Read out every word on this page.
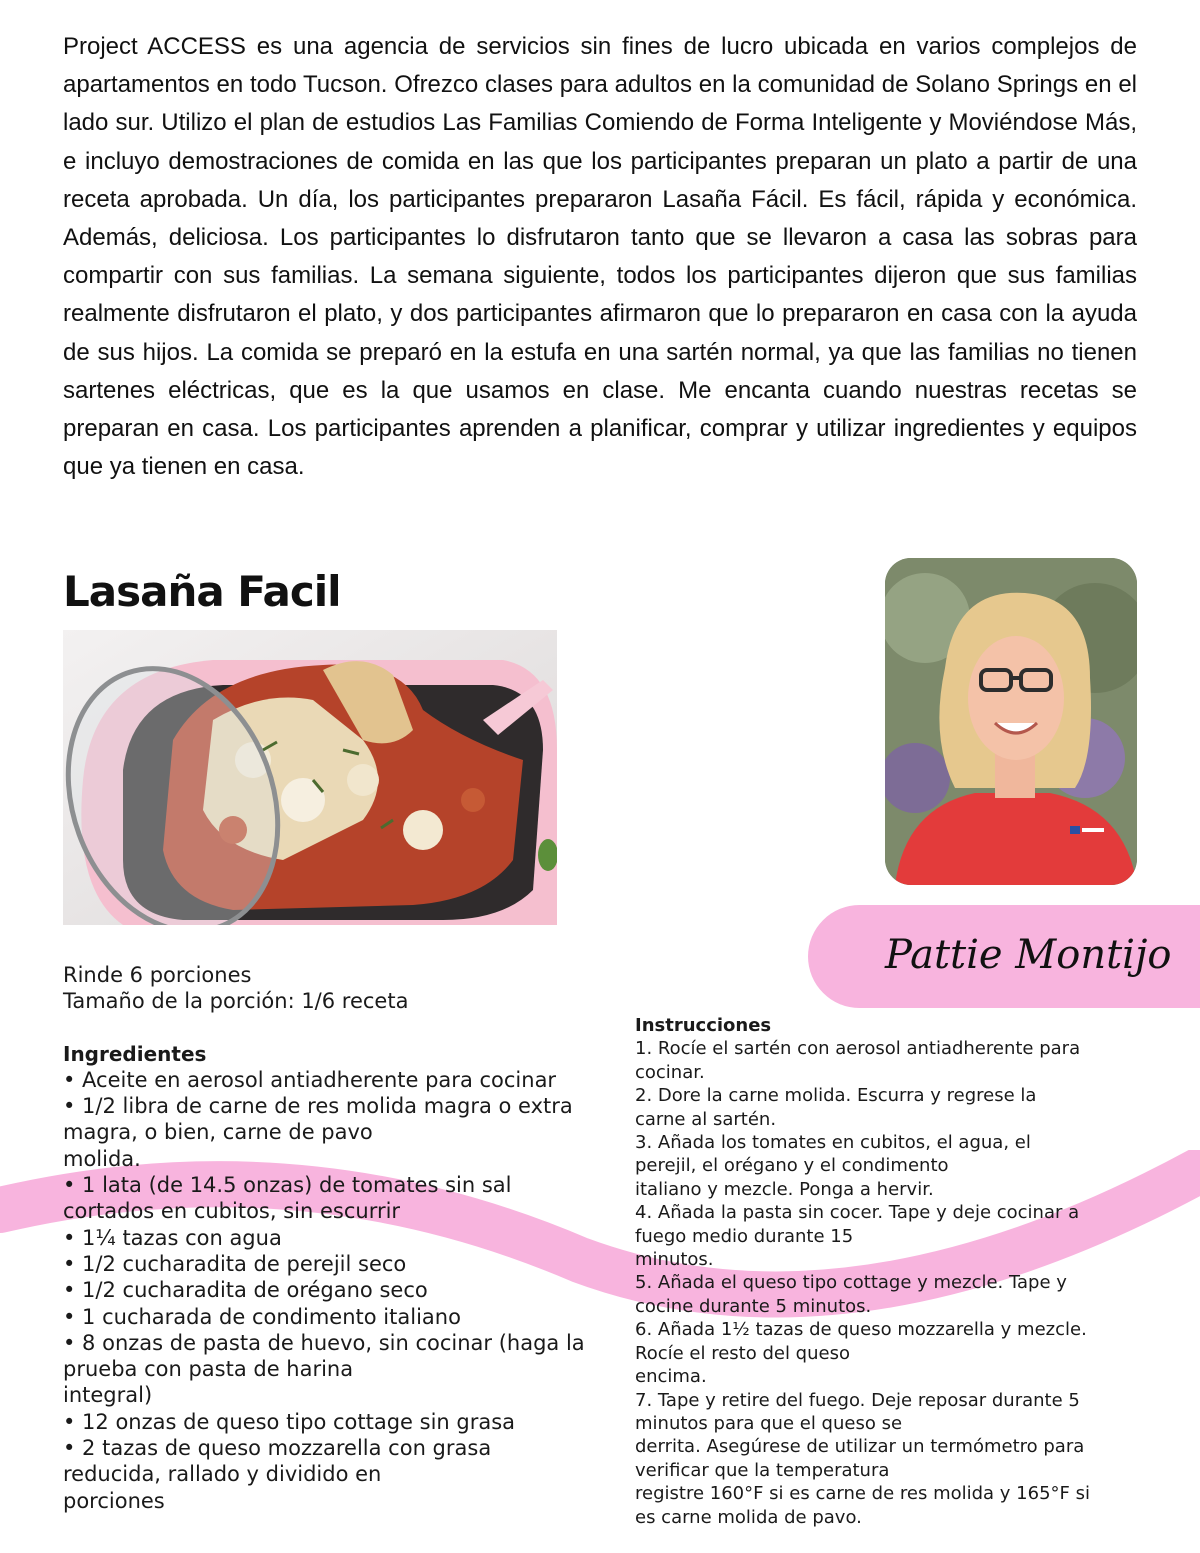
Project ACCESS es una agencia de servicios sin fines de lucro ubicada en varios complejos de apartamentos en todo Tucson. Ofrezco clases para adultos en la comunidad de Solano Springs en el lado sur. Utilizo el plan de estudios Las Familias Comiendo de Forma Inteligente y Moviéndose Más, e incluyo demostraciones de comida en las que los participantes preparan un plato a partir de una receta aprobada. Un día, los participantes prepararon Lasaña Fácil. Es fácil, rápida y económica. Además, deliciosa. Los participantes lo disfrutaron tanto que se llevaron a casa las sobras para compartir con sus familias. La semana siguiente, todos los participantes dijeron que sus familias realmente disfrutaron el plato, y dos participantes afirmaron que lo prepararon en casa con la ayuda de sus hijos. La comida se preparó en la estufa en una sartén normal, ya que las familias no tienen sartenes eléctricas, que es la que usamos en clase. Me encanta cuando nuestras recetas se preparan en casa. Los participantes aprenden a planificar, comprar y utilizar ingredientes y equipos que ya tienen en casa.

Lasaña Facil
Pattie Montijo
Rinde 6 porciones
Tamaño de la porción: 1/6 receta
Ingredientes
• Aceite en aerosol antiadherente para cocinar
• 1/2 libra de carne de res molida magra o extra
magra, o bien, carne de pavo
molida.
• 1 lata (de 14.5 onzas) de tomates sin sal
cortados en cubitos, sin escurrir
• 1¼ tazas con agua
• 1/2 cucharadita de perejil seco
• 1/2 cucharadita de orégano seco
• 1 cucharada de condimento italiano
• 8 onzas de pasta de huevo, sin cocinar (haga la
prueba con pasta de harina
integral)
• 12 onzas de queso tipo cottage sin grasa
• 2 tazas de queso mozzarella con grasa
reducida, rallado y dividido en
porciones
Instrucciones
1. Rocíe el sartén con aerosol antiadherente para
cocinar.
2. Dore la carne molida. Escurra y regrese la
carne al sartén.
3. Añada los tomates en cubitos, el agua, el
perejil, el orégano y el condimento
italiano y mezcle. Ponga a hervir.
4. Añada la pasta sin cocer. Tape y deje cocinar a
fuego medio durante 15
minutos.
5. Añada el queso tipo cottage y mezcle. Tape y
cocine durante 5 minutos.
6. Añada 1½ tazas de queso mozzarella y mezcle.
Rocíe el resto del queso
encima.
7. Tape y retire del fuego. Deje reposar durante 5
minutos para que el queso se
derrita. Asegúrese de utilizar un termómetro para
verificar que la temperatura
registre 160°F si es carne de res molida y 165°F si
es carne molida de pavo.
